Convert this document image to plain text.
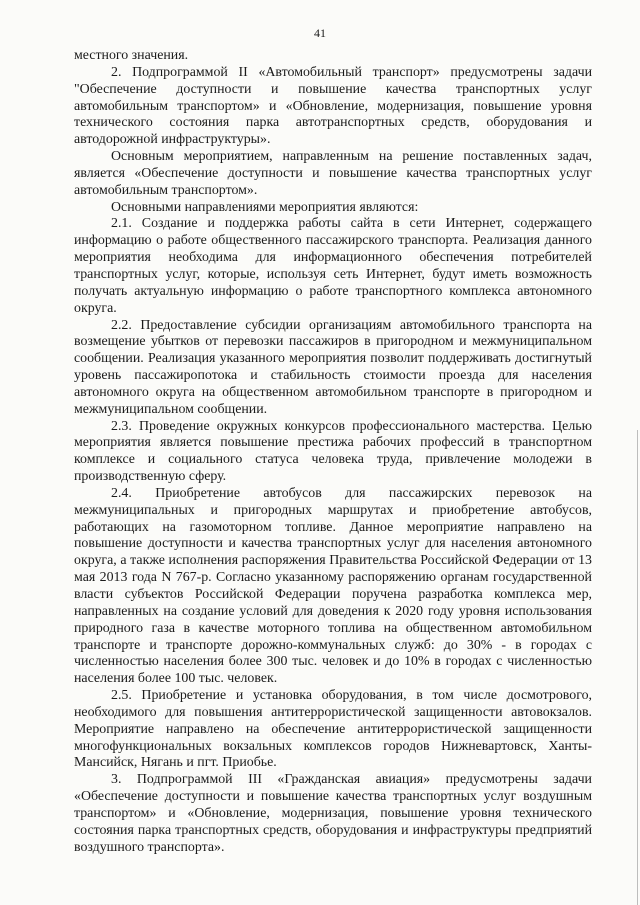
41

местного значения.

2. Подпрограммой II «Автомобильный транспорт» предусмотрены задачи "Обеспечение доступности и повышение качества транспортных услуг автомобильным транспортом» и «Обновление, модернизация, повышение уровня технического состояния парка автотранспортных средств, оборудования и автодорожной инфраструктуры».

Основным мероприятием, направленным на решение поставленных задач, является «Обеспечение доступности и повышение качества транспортных услуг автомобильным транспортом».

Основными направлениями мероприятия являются:

2.1. Создание и поддержка работы сайта в сети Интернет, содержащего информацию о работе общественного пассажирского транспорта. Реализация данного мероприятия необходима для информационного обеспечения потребителей транспортных услуг, которые, используя сеть Интернет, будут иметь возможность получать актуальную информацию о работе транспортного комплекса автономного округа.

2.2. Предоставление субсидии организациям автомобильного транспорта на возмещение убытков от перевозки пассажиров в пригородном и межмуниципальном сообщении. Реализация указанного мероприятия позволит поддерживать достигнутый уровень пассажиропотока и стабильность стоимости проезда для населения автономного округа на общественном автомобильном транспорте в пригородном и межмуниципальном сообщении.

2.3. Проведение окружных конкурсов профессионального мастерства. Целью мероприятия является повышение престижа рабочих профессий в транспортном комплексе и социального статуса человека труда, привлечение молодежи в производственную сферу.

2.4. Приобретение автобусов для пассажирских перевозок на межмуниципальных и пригородных маршрутах и приобретение автобусов, работающих на газомоторном топливе. Данное мероприятие направлено на повышение доступности и качества транспортных услуг для населения автономного округа, а также исполнения распоряжения Правительства Российской Федерации от 13 мая 2013 года N 767-р. Согласно указанному распоряжению органам государственной власти субъектов Российской Федерации поручена разработка комплекса мер, направленных на создание условий для доведения к 2020 году уровня использования природного газа в качестве моторного топлива на общественном автомобильном транспорте и транспорте дорожно-коммунальных служб: до 30% - в городах с численностью населения более 300 тыс. человек и до 10% в городах с численностью населения более 100 тыс. человек.

2.5. Приобретение и установка оборудования, в том числе досмотрового, необходимого для повышения антитеррористической защищенности автовокзалов. Мероприятие направлено на обеспечение антитеррористической защищенности многофункциональных вокзальных комплексов городов Нижневартовск, Ханты-Мансийск, Нягань и пгт. Приобье.

3. Подпрограммой III «Гражданская авиация» предусмотрены задачи «Обеспечение доступности и повышение качества транспортных услуг воздушным транспортом» и «Обновление, модернизация, повышение уровня технического состояния парка транспортных средств, оборудования и инфраструктуры предприятий воздушного транспорта».
